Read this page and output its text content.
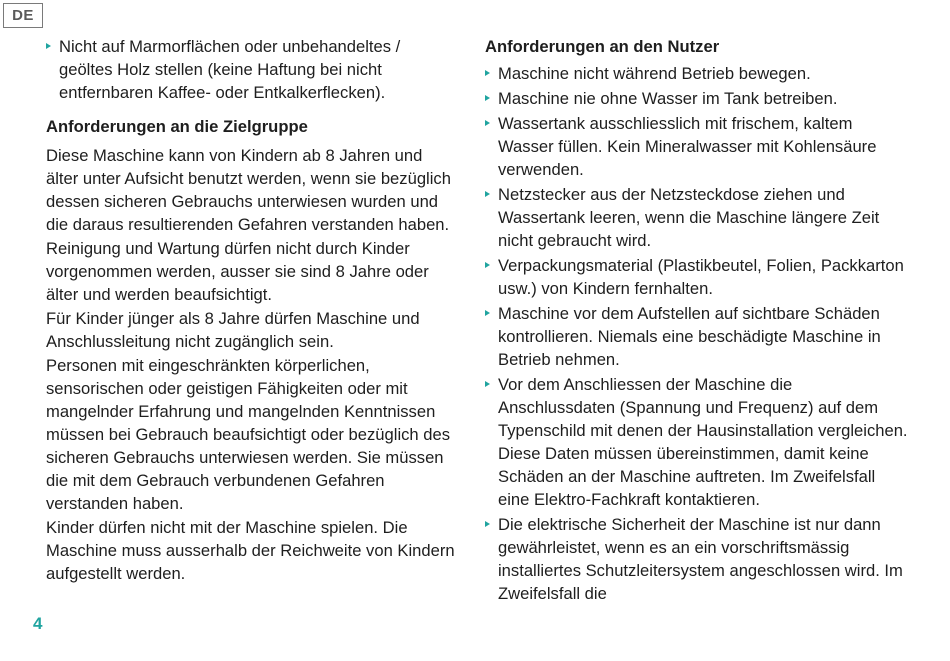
DE
Nicht auf Marmorflächen oder unbehandeltes / geöltes Holz stellen (keine Haftung bei nicht entfernbaren Kaffee- oder Entkalkerflecken).
Anforderungen an die Zielgruppe

Diese Maschine kann von Kindern ab 8 Jahren und älter unter Aufsicht benutzt werden, wenn sie bezüglich dessen sicheren Gebrauchs unterwiesen wurden und die daraus resultierenden Gefahren verstanden haben.

Reinigung und Wartung dürfen nicht durch Kinder vorgenommen werden, ausser sie sind 8 Jahre oder älter und werden beaufsichtigt.

Für Kinder jünger als 8 Jahre dürfen Maschine und Anschlussleitung nicht zugänglich sein.

Personen mit eingeschränkten körperlichen, sensorischen oder geistigen Fähigkeiten oder mit mangelnder Erfahrung und mangelnden Kenntnissen müssen bei Gebrauch beaufsichtigt oder bezüglich des sicheren Gebrauchs unterwiesen werden. Sie müssen die mit dem Gebrauch verbundenen Gefahren verstanden haben.

Kinder dürfen nicht mit der Maschine spielen. Die Maschine muss ausserhalb der Reichweite von Kindern aufgestellt werden.

Anforderungen an den Nutzer
Maschine nicht während Betrieb bewegen.
Maschine nie ohne Wasser im Tank betreiben.
Wassertank ausschliesslich mit frischem, kaltem Wasser füllen. Kein Mineralwasser mit Kohlensäure verwenden.
Netzstecker aus der Netzsteckdose ziehen und Wassertank leeren, wenn die Maschine längere Zeit nicht gebraucht wird.
Verpackungsmaterial (Plastikbeutel, Folien, Packkarton usw.) von Kindern fernhalten.
Maschine vor dem Aufstellen auf sichtbare Schäden kontrollieren. Niemals eine beschädigte Maschine in Betrieb nehmen.
Vor dem Anschliessen der Maschine die Anschlussdaten (Spannung und Frequenz) auf dem Typenschild mit denen der Hausinstallation vergleichen. Diese Daten müssen übereinstimmen, damit keine Schäden an der Maschine auftreten. Im Zweifelsfall eine Elektro-Fachkraft kontaktieren.
Die elektrische Sicherheit der Maschine ist nur dann gewährleistet, wenn es an ein vorschriftsmässig installiertes Schutzleitersystem angeschlossen wird. Im Zweifelsfall die
4
